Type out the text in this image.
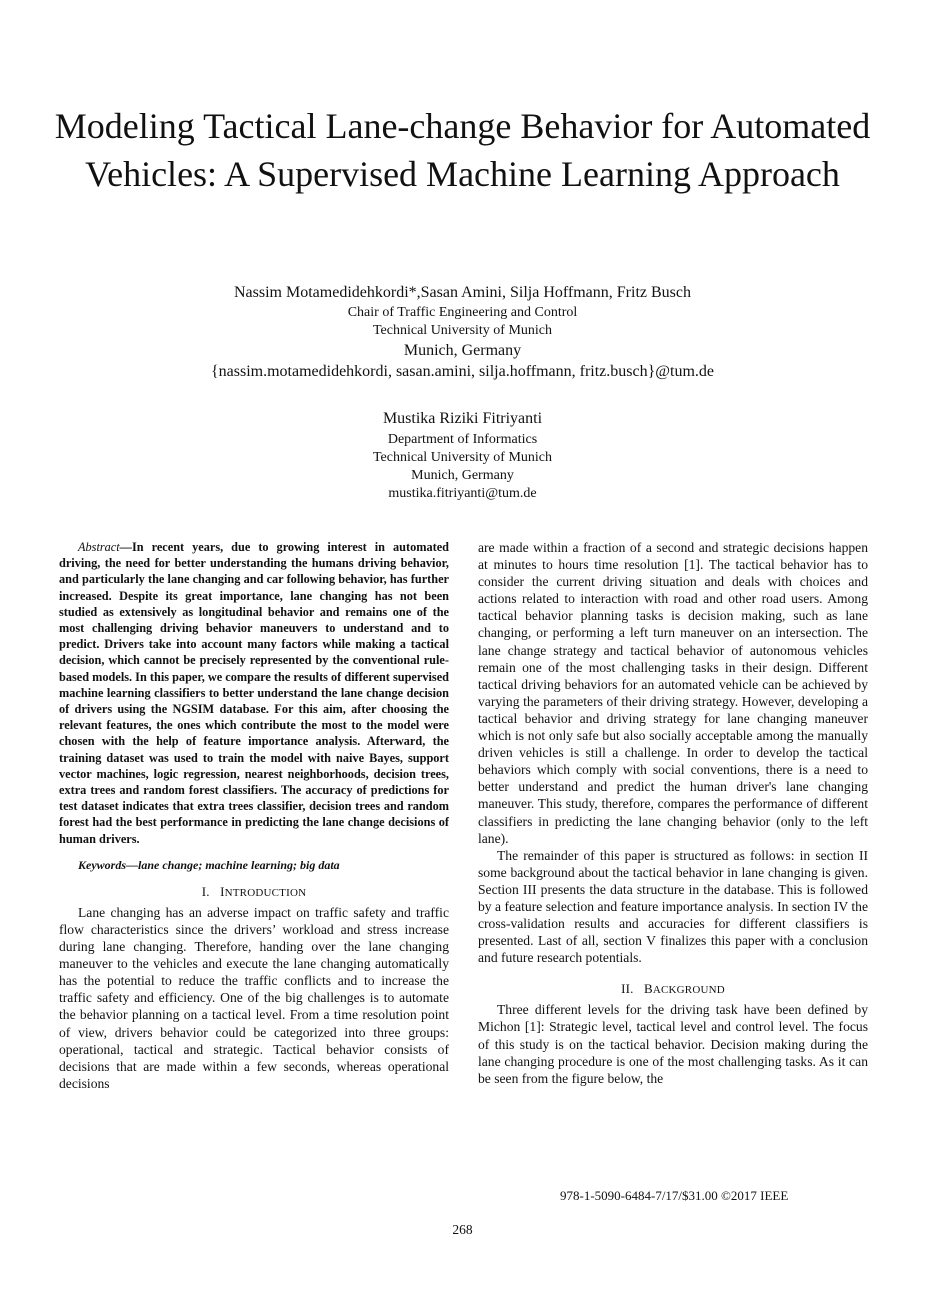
Modeling Tactical Lane-change Behavior for Automated Vehicles: A Supervised Machine Learning Approach
Nassim Motamedidehkordi*,Sasan Amini, Silja Hoffmann, Fritz Busch
Chair of Traffic Engineering and Control
Technical University of Munich
Munich, Germany
{nassim.motamedidehkordi, sasan.amini, silja.hoffmann, fritz.busch}@tum.de
Mustika Riziki Fitriyanti
Department of Informatics
Technical University of Munich
Munich, Germany
mustika.fitriyanti@tum.de

Abstract—In recent years, due to growing interest in automated driving, the need for better understanding the humans driving behavior, and particularly the lane changing and car following behavior, has further increased. Despite its great importance, lane changing has not been studied as extensively as longitudinal behavior and remains one of the most challenging driving behavior maneuvers to understand and to predict. Drivers take into account many factors while making a tactical decision, which cannot be precisely represented by the conventional rule-based models. In this paper, we compare the results of different supervised machine learning classifiers to better understand the lane change decision of drivers using the NGSIM database. For this aim, after choosing the relevant features, the ones which contribute the most to the model were chosen with the help of feature importance analysis. Afterward, the training dataset was used to train the model with naive Bayes, support vector machines, logic regression, nearest neighborhoods, decision trees, extra trees and random forest classifiers. The accuracy of predictions for test dataset indicates that extra trees classifier, decision trees and random forest had the best performance in predicting the lane change decisions of human drivers.

Keywords—lane change; machine learning; big data

I. INTRODUCTION

Lane changing has an adverse impact on traffic safety and traffic flow characteristics since the drivers’ workload and stress increase during lane changing. Therefore, handing over the lane changing maneuver to the vehicles and execute the lane changing automatically has the potential to reduce the traffic conflicts and to increase the traffic safety and efficiency. One of the big challenges is to automate the behavior planning on a tactical level. From a time resolution point of view, drivers behavior could be categorized into three groups: operational, tactical and strategic. Tactical behavior consists of decisions that are made within a few seconds, whereas operational decisions

are made within a fraction of a second and strategic decisions happen at minutes to hours time resolution [1]. The tactical behavior has to consider the current driving situation and deals with choices and actions related to interaction with road and other road users. Among tactical behavior planning tasks is decision making, such as lane changing, or performing a left turn maneuver on an intersection. The lane change strategy and tactical behavior of autonomous vehicles remain one of the most challenging tasks in their design. Different tactical driving behaviors for an automated vehicle can be achieved by varying the parameters of their driving strategy. However, developing a tactical behavior and driving strategy for lane changing maneuver which is not only safe but also socially acceptable among the manually driven vehicles is still a challenge. In order to develop the tactical behaviors which comply with social conventions, there is a need to better understand and predict the human driver's lane changing maneuver. This study, therefore, compares the performance of different classifiers in predicting the lane changing behavior (only to the left lane).

The remainder of this paper is structured as follows: in section II some background about the tactical behavior in lane changing is given. Section III presents the data structure in the database. This is followed by a feature selection and feature importance analysis. In section IV the cross-validation results and accuracies for different classifiers is presented. Last of all, section V finalizes this paper with a conclusion and future research potentials.

II. BACKGROUND

Three different levels for the driving task have been defined by Michon [1]: Strategic level, tactical level and control level. The focus of this study is on the tactical behavior. Decision making during the lane changing procedure is one of the most challenging tasks. As it can be seen from the figure below, the

978-1-5090-6484-7/17/$31.00 ©2017 IEEE
268
